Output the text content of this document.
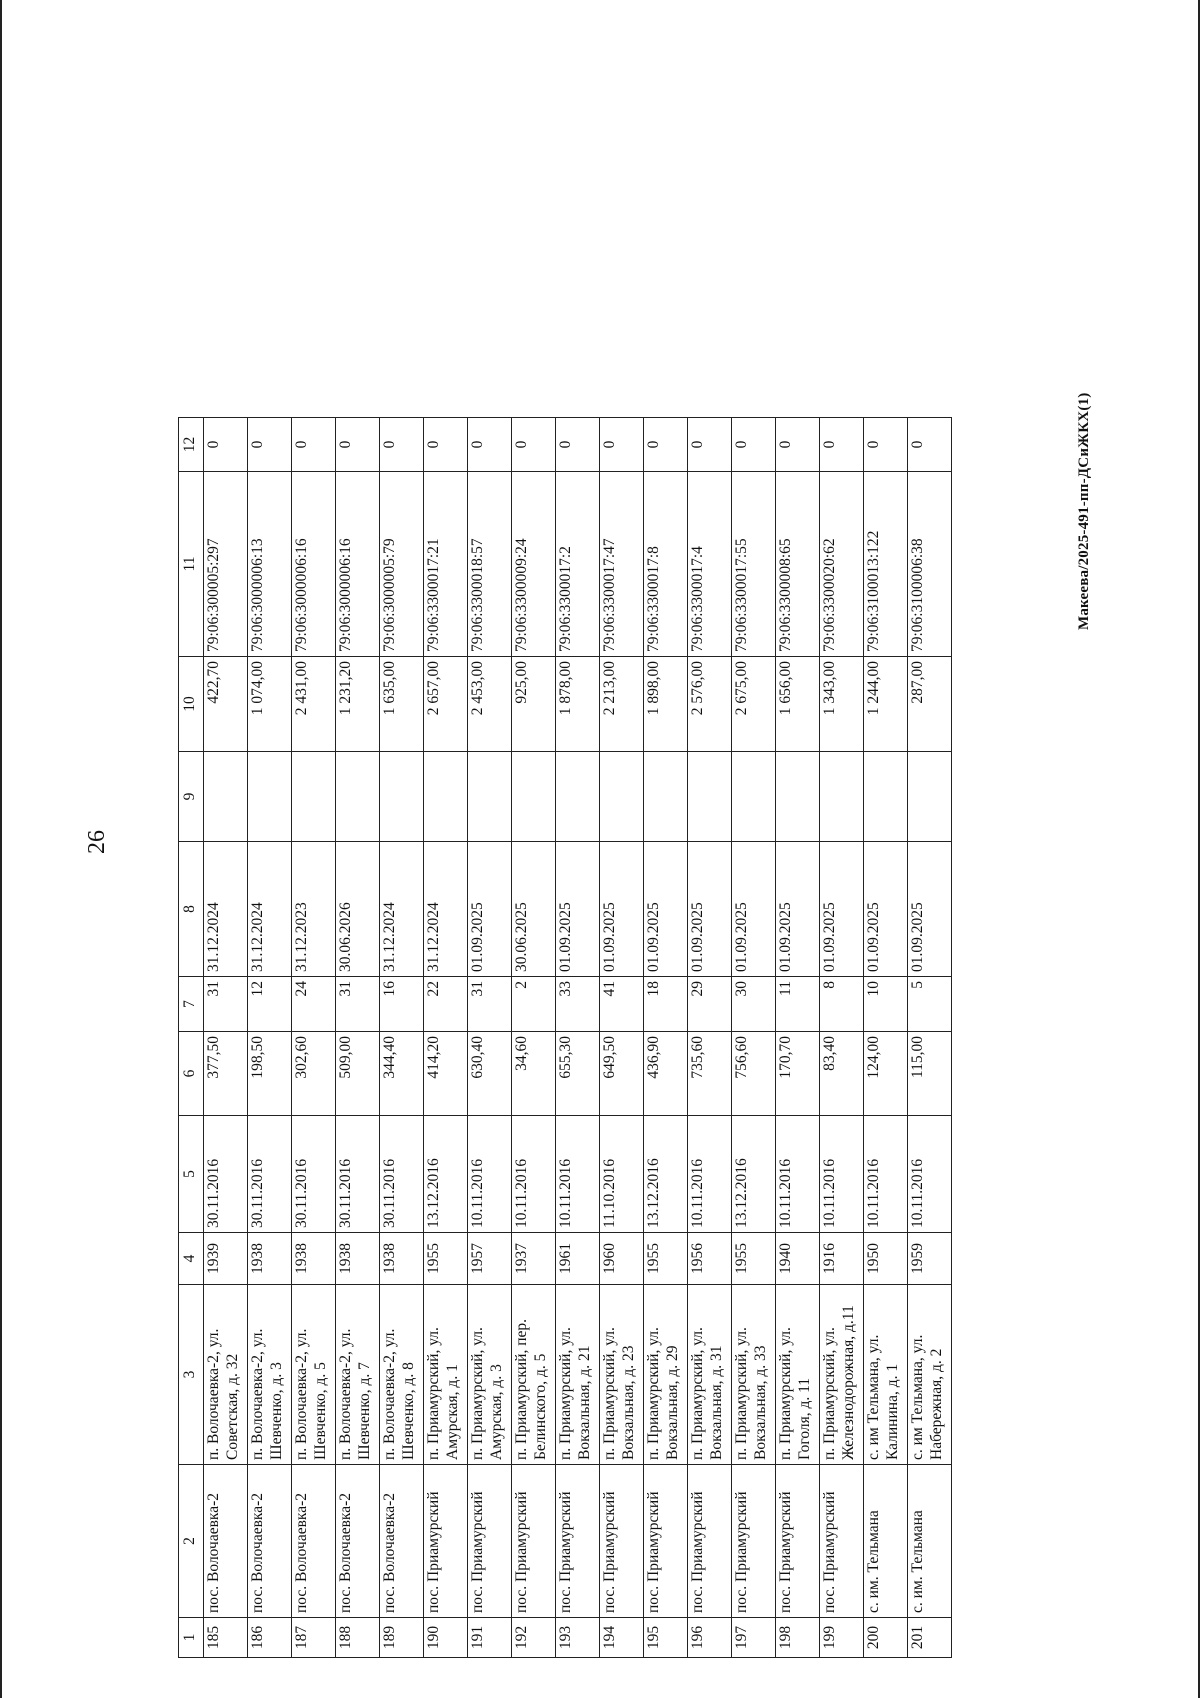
26
1	2	3	4	5	6	7	8	9	10	11	12
185	пос. Волочаевка-2	п. Волочаевка-2, ул. Советская, д. 32	1939	30.11.2016	377,50	31	31.12.2024		422,70	79:06:300005:297	0
186	пос. Волочаевка-2	п. Волочаевка-2, ул. Шевченко, д. 3	1938	30.11.2016	198,50	12	31.12.2024		1 074,00	79:06:3000006:13	0
187	пос. Волочаевка-2	п. Волочаевка-2, ул. Шевченко, д. 5	1938	30.11.2016	302,60	24	31.12.2023		2 431,00	79:06:3000006:16	0
188	пос. Волочаевка-2	п. Волочаевка-2, ул. Шевченко, д. 7	1938	30.11.2016	509,00	31	30.06.2026		1 231,20	79:06:3000006:16	0
189	пос. Волочаевка-2	п. Волочаевка-2, ул. Шевченко, д. 8	1938	30.11.2016	344,40	16	31.12.2024		1 635,00	79:06:3000005:79	0
190	пос. Приамурский	п. Приамурский, ул. Амурская, д. 1	1955	13.12.2016	414,20	22	31.12.2024		2 657,00	79:06:3300017:21	0
191	пос. Приамурский	п. Приамурский, ул. Амурская, д. 3	1957	10.11.2016	630,40	31	01.09.2025		2 453,00	79:06:3300018:57	0
192	пос. Приамурский	п. Приамурский, пер. Белинского, д. 5	1937	10.11.2016	34,60	2	30.06.2025		925,00	79:06:3300009:24	0
193	пос. Приамурский	п. Приамурский, ул. Вокзальная, д. 21	1961	10.11.2016	655,30	33	01.09.2025		1 878,00	79:06:3300017:2	0
194	пос. Приамурский	п. Приамурский, ул. Вокзальная, д. 23	1960	11.10.2016	649,50	41	01.09.2025		2 213,00	79:06:3300017:47	0
195	пос. Приамурский	п. Приамурский, ул. Вокзальная, д. 29	1955	13.12.2016	436,90	18	01.09.2025		1 898,00	79:06:3300017:8	0
196	пос. Приамурский	п. Приамурский, ул. Вокзальная, д. 31	1956	10.11.2016	735,60	29	01.09.2025		2 576,00	79:06:3300017:4	0
197	пос. Приамурский	п. Приамурский, ул. Вокзальная, д. 33	1955	13.12.2016	756,60	30	01.09.2025		2 675,00	79:06:3300017:55	0
198	пос. Приамурский	п. Приамурский, ул. Гоголя, д. 11	1940	10.11.2016	170,70	11	01.09.2025		1 656,00	79:06:3300008:65	0
199	пос. Приамурский	п. Приамурский, ул. Железнодорожная, д.11	1916	10.11.2016	83,40	8	01.09.2025		1 343,00	79:06:3300020:62	0
200	с. им. Тельмана	с. им Тельмана, ул. Калинина, д. 1	1950	10.11.2016	124,00	10	01.09.2025		1 244,00	79:06:3100013:122	0
201	с. им. Тельмана	с. им Тельмана, ул. Набережная, д. 2	1959	10.11.2016	115,00	5	01.09.2025		287,00	79:06:3100006:38	0	Макеева/2025-491-пп-ДСиЖКХ(1)
